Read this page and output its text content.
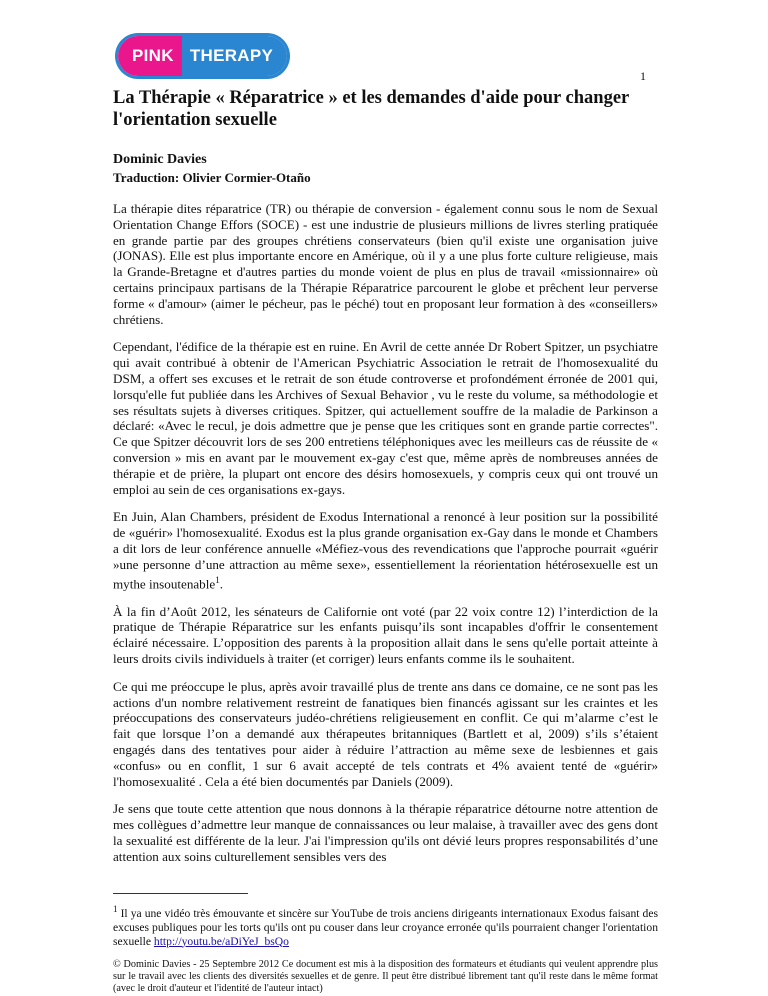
PINK THERAPY
1
La Thérapie « Réparatrice » et les demandes d'aide pour changer l'orientation sexuelle
Dominic Davies
Traduction: Olivier Cormier-Otaño

La thérapie dites réparatrice (TR) ou thérapie de conversion - également connu sous le nom de Sexual Orientation Change Effors (SOCE) - est une industrie de plusieurs millions de livres sterling pratiquée en grande partie par des groupes chrétiens conservateurs (bien qu'il existe une organisation juive (JONAS). Elle est plus importante encore en Amérique, où il y a une plus forte culture religieuse, mais la Grande-Bretagne et d'autres parties du monde voient de plus en plus de travail «missionnaire» où certains principaux partisans de la Thérapie Réparatrice parcourent le globe et prêchent leur perverse forme « d'amour» (aimer le pécheur, pas le péché) tout en proposant leur formation à des «conseillers» chrétiens.

Cependant, l'édifice de la thérapie est en ruine. En Avril de cette année Dr Robert Spitzer, un psychiatre qui avait contribué à obtenir de l'American Psychiatric Association le retrait de l'homosexualité du DSM, a offert ses excuses et le retrait de son étude controverse et profondément érronée de 2001 qui, lorsqu'elle fut publiée dans les Archives of Sexual Behavior , vu le reste du volume, sa méthodologie et ses résultats sujets à diverses critiques. Spitzer, qui actuellement souffre de la maladie de Parkinson a déclaré: «Avec le recul, je dois admettre que je pense que les critiques sont en grande partie correctes". Ce que Spitzer découvrit lors de ses 200 entretiens téléphoniques avec les meilleurs cas de réussite de « conversion » mis en avant par le mouvement ex-gay c'est que, même après de nombreuses années de thérapie et de prière, la plupart ont encore des désirs homosexuels, y compris ceux qui ont trouvé un emploi au sein de ces organisations ex-gays.

En Juin, Alan Chambers, président de Exodus International a renoncé à leur position sur la possibilité de «guérir» l'homosexualité. Exodus est la plus grande organisation ex-Gay dans le monde et Chambers a dit lors de leur conférence annuelle «Méfiez-vous des revendications que l'approche pourrait «guérir »une personne d’une attraction au même sexe», essentiellement la réorientation hétérosexuelle est un mythe insoutenable$^1$.

À la fin d’Août 2012, les sénateurs de Californie ont voté (par 22 voix contre 12) l’interdiction de la pratique de Thérapie Réparatrice sur les enfants puisqu’ils sont incapables d'offrir le consentement éclairé nécessaire. L’opposition des parents à la proposition allait dans le sens qu'elle portait atteinte à leurs droits civils individuels à traiter (et corriger) leurs enfants comme ils le souhaitent.

Ce qui me préoccupe le plus, après avoir travaillé plus de trente ans dans ce domaine, ce ne sont pas les actions d'un nombre relativement restreint de fanatiques bien financés agissant sur les craintes et les préoccupations des conservateurs judéo-chrétiens religieusement en conflit. Ce qui m’alarme c’est le fait que lorsque l’on a demandé aux thérapeutes britanniques (Bartlett et al, 2009) s’ils s’étaient engagés dans des tentatives pour aider à réduire l’attraction au même sexe de lesbiennes et gais «confus» ou en conflit, 1 sur 6 avait accepté de tels contrats et 4% avaient tenté de «guérir» l'homosexualité . Cela a été bien documentés par Daniels (2009).

Je sens que toute cette attention que nous donnons à la thérapie réparatrice détourne notre attention de mes collègues d’admettre leur manque de connaissances ou leur malaise, à travailler avec des gens dont la sexualité est différente de la leur. J'ai l'impression qu'ils ont dévié leurs propres responsabilités d’une attention aux soins culturellement sensibles vers des

$^1$ Il ya une vidéo très émouvante et sincère sur YouTube de trois anciens dirigeants internationaux Exodus faisant des excuses publiques pour les torts qu'ils ont pu couser dans leur croyance erronée qu'ils pourraient changer l'orientation sexuelle http://youtu.be/aDiYeJ_bsQo
© Dominic Davies - 25 Septembre 2012 Ce document est mis à la disposition des formateurs et étudiants qui veulent apprendre plus sur le travail avec les clients des diversités sexuelles et de genre. Il peut être distribué librement tant qu'il reste dans le même format (avec le droit d'auteur et l'identité de l'auteur intact)
